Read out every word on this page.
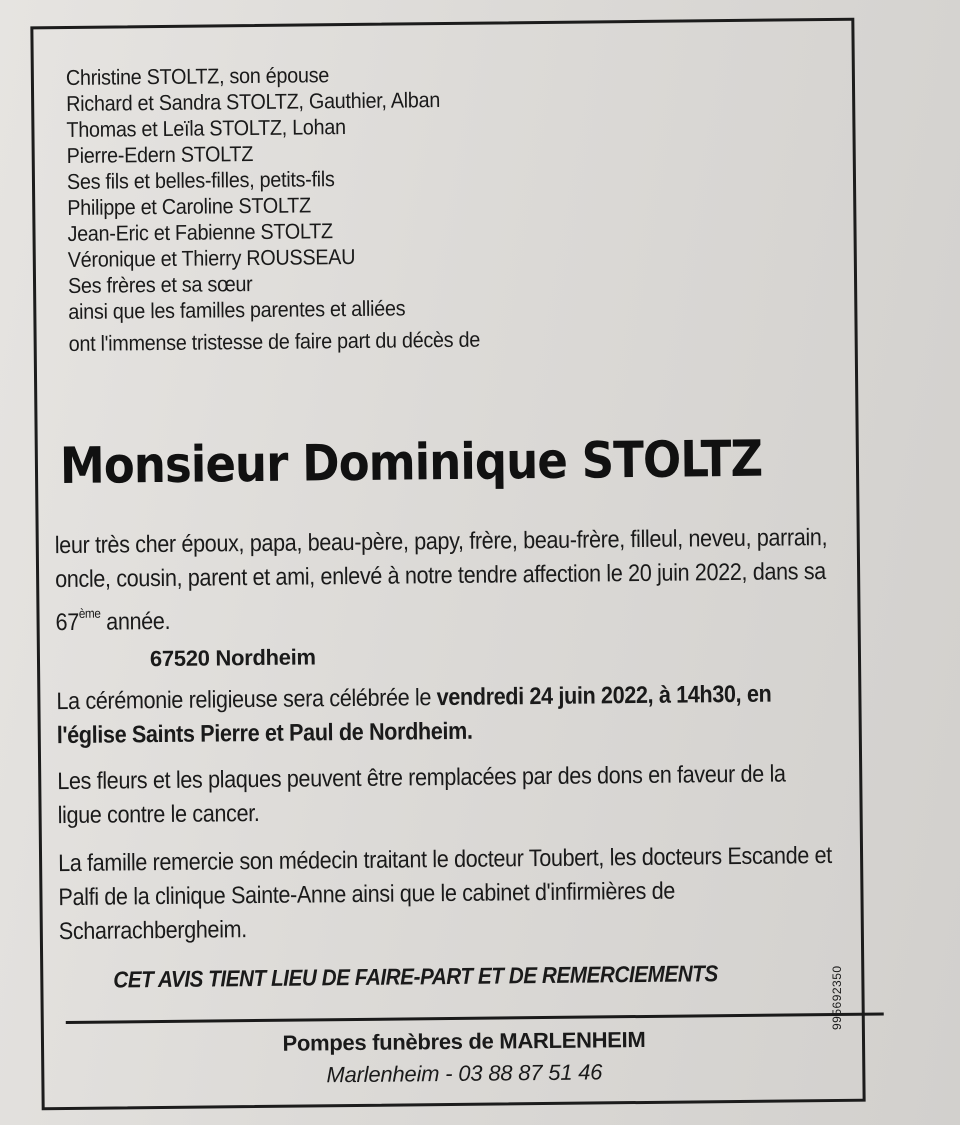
Christine STOLTZ, son épouse
Richard et Sandra STOLTZ, Gauthier, Alban
Thomas et Leïla STOLTZ, Lohan
Pierre-Edern STOLTZ
Ses fils et belles-filles, petits-fils
Philippe et Caroline STOLTZ
Jean-Eric et Fabienne STOLTZ
Véronique et Thierry ROUSSEAU
Ses frères et sa sœur
ainsi que les familles parentes et alliées
ont l'immense tristesse de faire part du décès de
Monsieur Dominique STOLTZ
leur très cher époux, papa, beau-père, papy, frère, beau-frère, filleul, neveu, parrain, oncle, cousin, parent et ami, enlevé à notre tendre affection le 20 juin 2022, dans sa 67ème année.
67520 Nordheim
La cérémonie religieuse sera célébrée le vendredi 24 juin 2022, à 14h30, en l'église Saints Pierre et Paul de Nordheim.
Les fleurs et les plaques peuvent être remplacées par des dons en faveur de la ligue contre le cancer.
La famille remercie son médecin traitant le docteur Toubert, les docteurs Escande et Palfi de la clinique Sainte-Anne ainsi que le cabinet d'infirmières de Scharrachbergheim.
CET AVIS TIENT LIEU DE FAIRE-PART ET DE REMERCIEMENTS
Pompes funèbres de MARLENHEIM
Marlenheim - 03 88 87 51 46
995692350
